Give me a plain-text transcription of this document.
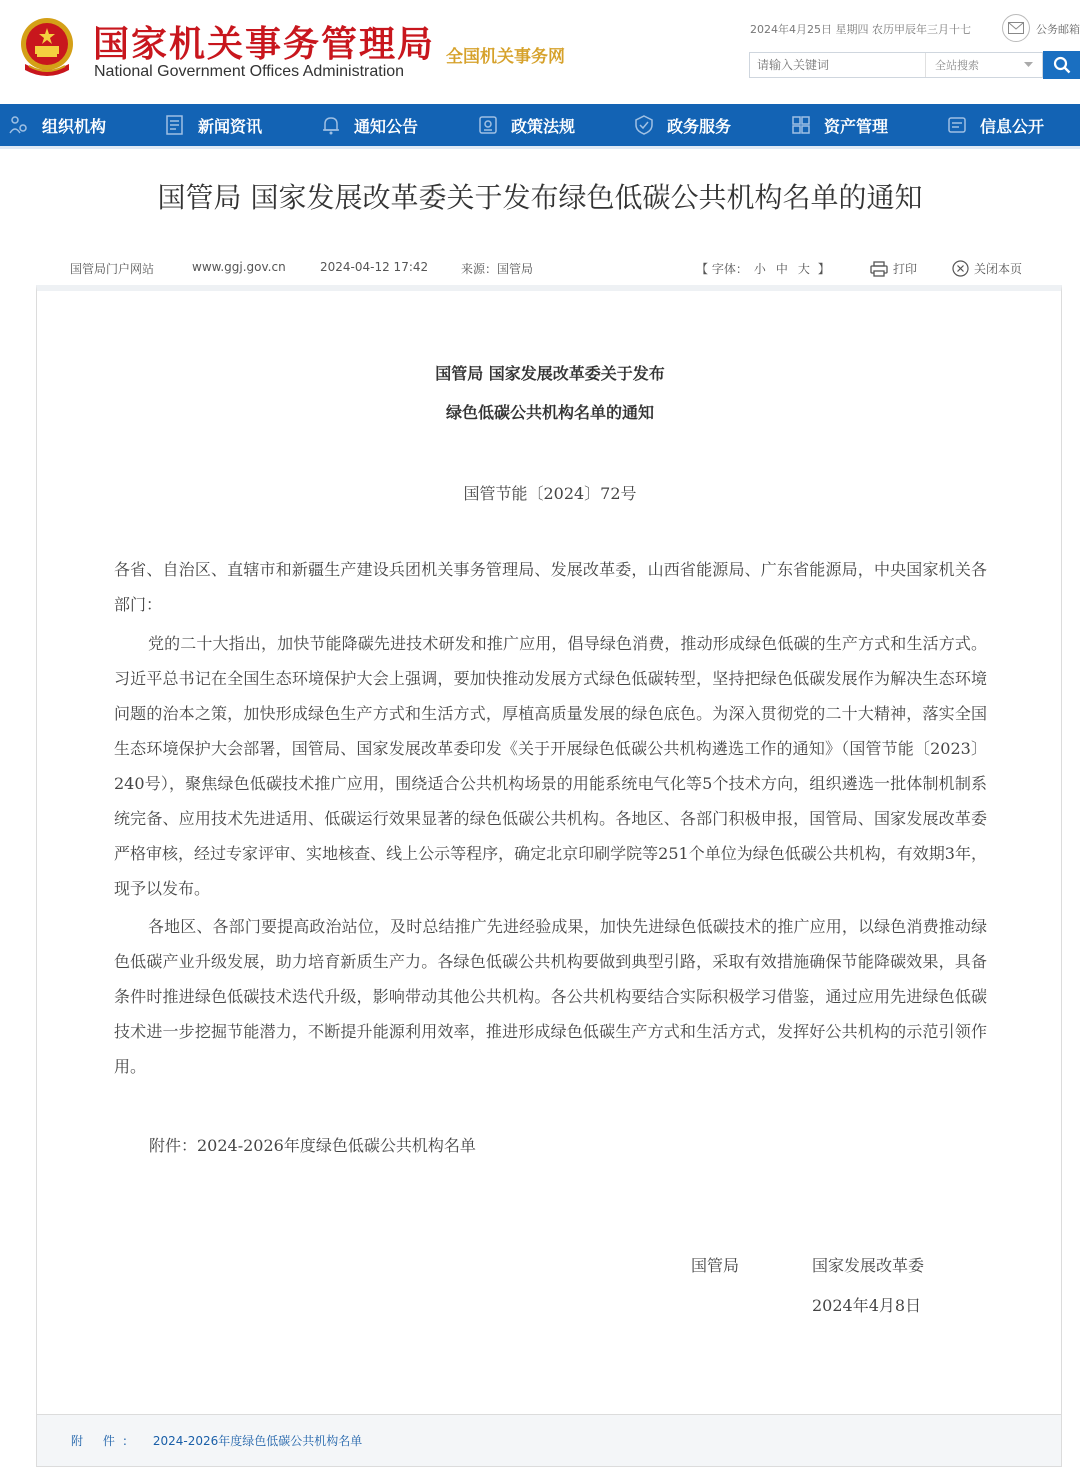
国家机关事务管理局
National Government Offices Administration
全国机关事务网
2024年4月25日 星期四 农历甲辰年三月十七	公务邮箱
请输入关键词
全站搜索
组织机构	新闻资讯	通知公告	政策法规	政务服务	资产管理	信息公开
国管局 国家发展改革委关于发布绿色低碳公共机构名单的通知
国管局门户网站	www.ggj.gov.cn	2024-04-12 17:42	来源：国管局	【 字体： 小 中 大 】	打印	关闭本页
国管局 国家发展改革委关于发布
绿色低碳公共机构名单的通知
国管节能〔2024〕72号
各省、自治区、直辖市和新疆生产建设兵团机关事务管理局、发展改革委，山西省能源局、广东省能源局，中央国家机关各部门：
党的二十大指出，加快节能降碳先进技术研发和推广应用，倡导绿色消费，推动形成绿色低碳的生产方式和生活方式。习近平总书记在全国生态环境保护大会上强调，要加快推动发展方式绿色低碳转型，坚持把绿色低碳发展作为解决生态环境问题的治本之策，加快形成绿色生产方式和生活方式，厚植高质量发展的绿色底色。为深入贯彻党的二十大精神，落实全国生态环境保护大会部署，国管局、国家发展改革委印发《关于开展绿色低碳公共机构遴选工作的通知》（国管节能〔2023〕240号），聚焦绿色低碳技术推广应用，围绕适合公共机构场景的用能系统电气化等5个技术方向，组织遴选一批体制机制系统完备、应用技术先进适用、低碳运行效果显著的绿色低碳公共机构。各地区、各部门积极申报，国管局、国家发展改革委严格审核，经过专家评审、实地核查、线上公示等程序，确定北京印刷学院等251个单位为绿色低碳公共机构，有效期3年，现予以发布。
各地区、各部门要提高政治站位，及时总结推广先进经验成果，加快先进绿色低碳技术的推广应用，以绿色消费推动绿色低碳产业升级发展，助力培育新质生产力。各绿色低碳公共机构要做到典型引路，采取有效措施确保节能降碳效果，具备条件时推进绿色低碳技术迭代升级，影响带动其他公共机构。各公共机构要结合实际积极学习借鉴，通过应用先进绿色低碳技术进一步挖掘节能潜力，不断提升能源利用效率，推进形成绿色低碳生产方式和生活方式，发挥好公共机构的示范引领作用。
附件：2024-2026年度绿色低碳公共机构名单
国管局	国家发展改革委
2024年4月8日
附 件: 2024-2026年度绿色低碳公共机构名单
